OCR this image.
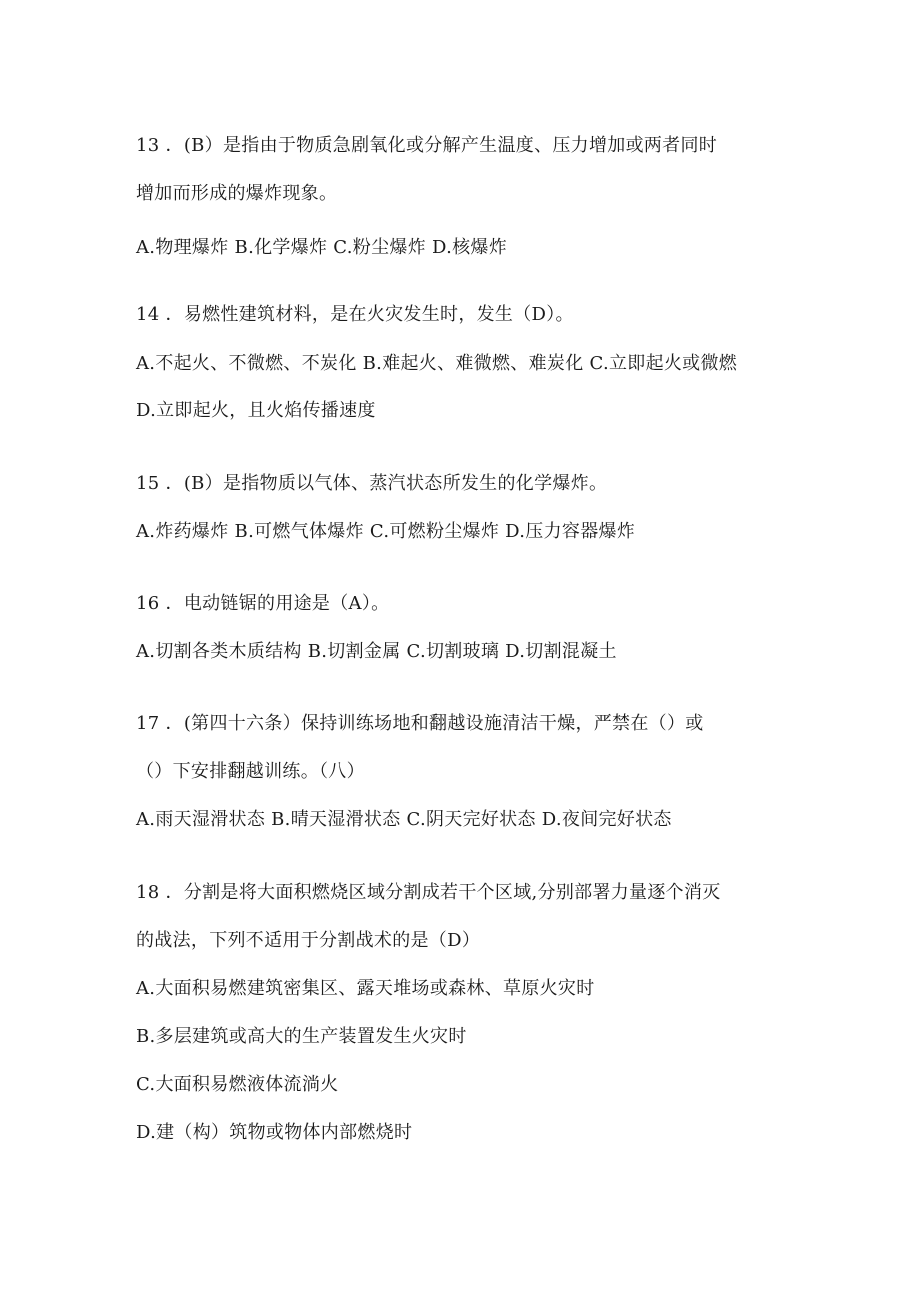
13 ．(B）是指由于物质急剧氧化或分解产生温度、压力增加或两者同时
增加而形成的爆炸现象。
A.物理爆炸 B.化学爆炸 C.粉尘爆炸 D.核爆炸
14 ．易燃性建筑材料，是在火灾发生时，发生（D）。
A.不起火、不微燃、不炭化 B.难起火、难微燃、难炭化 C.立即起火或微燃
D.立即起火，且火焰传播速度
15 ．(B）是指物质以气体、蒸汽状态所发生的化学爆炸。
A.炸药爆炸 B.可燃气体爆炸 C.可燃粉尘爆炸 D.压力容器爆炸
16 ．电动链锯的用途是（A）。
A.切割各类木质结构 B.切割金属 C.切割玻璃 D.切割混凝土
17 ．(第四十六条）保持训练场地和翻越设施清洁干燥，严禁在（）或
（）下安排翻越训练。（八）
A.雨天湿滑状态 B.晴天湿滑状态 C.阴天完好状态 D.夜间完好状态
18 ．分割是将大面积燃烧区域分割成若干个区域,分别部署力量逐个消灭
的战法，下列不适用于分割战术的是（D）
A.大面积易燃建筑密集区、露天堆场或森林、草原火灾时
B.多层建筑或高大的生产装置发生火灾时
C.大面积易燃液体流淌火
D.建（构）筑物或物体内部燃烧时
